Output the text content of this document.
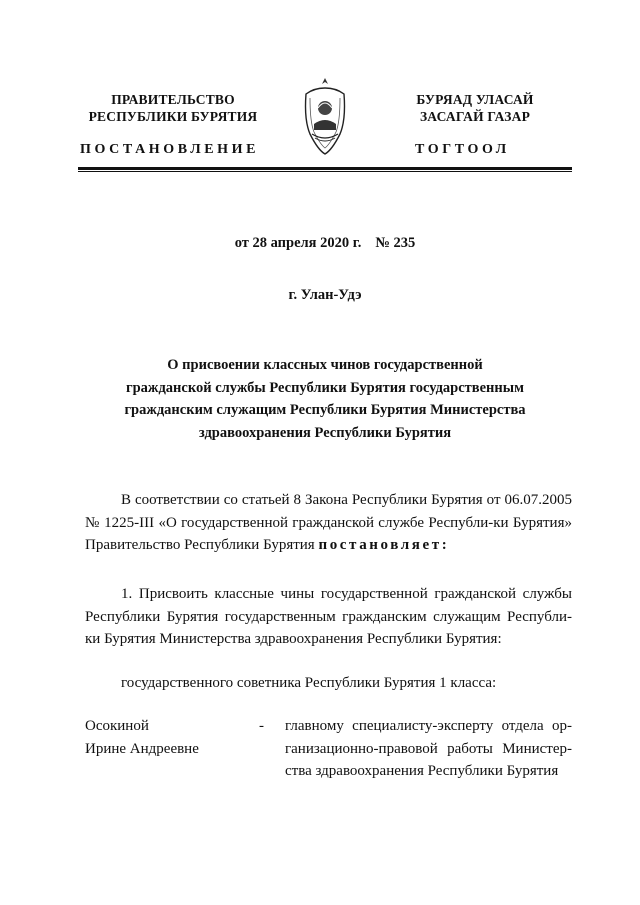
ПРАВИТЕЛЬСТВО
РЕСПУБЛИКИ БУРЯТИЯ
БУРЯАД УЛАСАЙ
ЗАСАГАЙ ГАЗАР
ПОСТАНОВЛЕНИЕ	ТОГТООЛ
от 28 апреля 2020 г. № 235
г. Улан-Удэ
О присвоении классных чинов государственной
гражданской службы Республики Бурятия государственным
гражданским служащим Республики Бурятия Министерства
здравоохранения Республики Бурятия
В соответствии со статьей 8 Закона Республики Бурятия от 06.07.2005 № 1225-III «О государственной гражданской службе Республи-ки Бурятия» Правительство Республики Бурятия постановляет:
1. Присвоить классные чины государственной гражданской службы Республики Бурятия государственным гражданским служащим Республи-ки Бурятия Министерства здравоохранения Республики Бурятия:
государственного советника Республики Бурятия 1 класса:
Осокиной
Ирине Андреевне
-	главному специалисту-эксперту отдела ор-ганизационно-правовой работы Министер-ства здравоохранения Республики Бурятия
